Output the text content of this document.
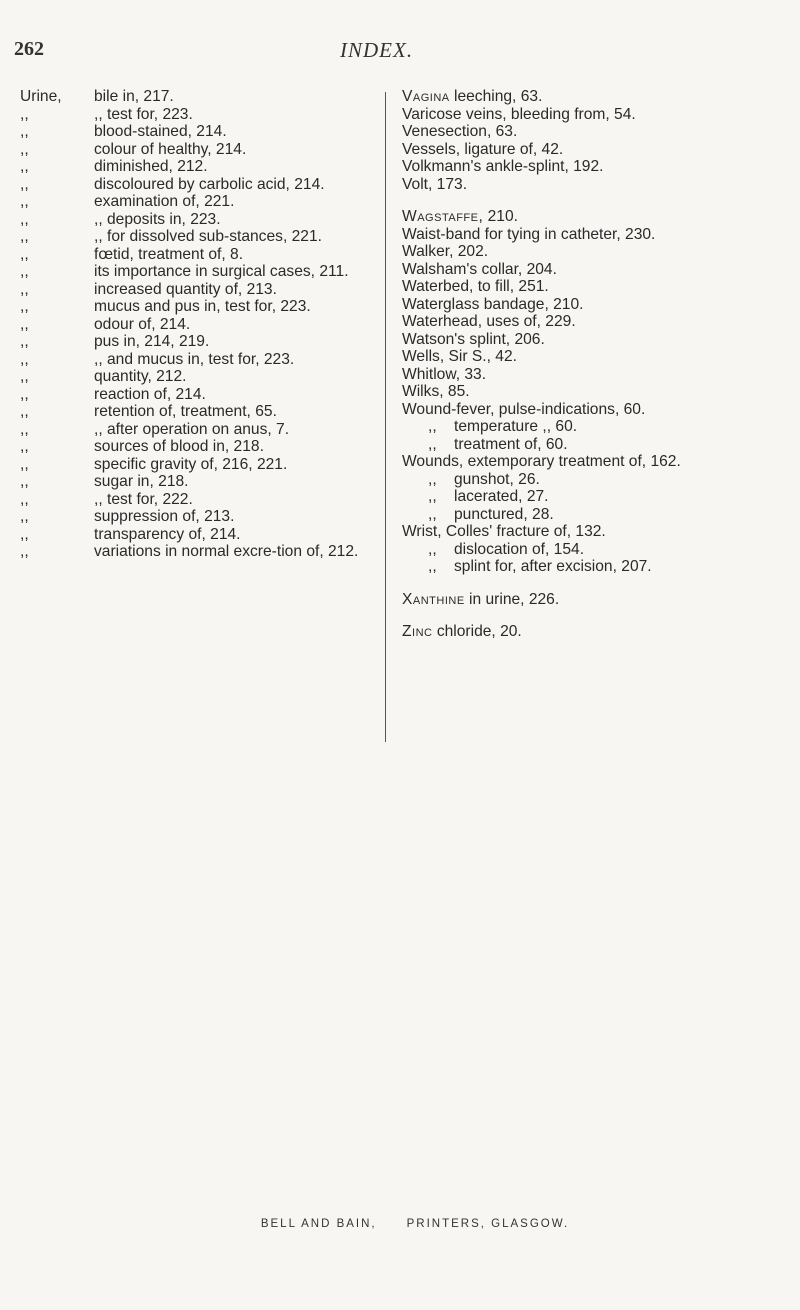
262	INDEX.
Urine,	bile in, 217.
,,	,, test for, 223.
,,	blood-stained, 214.
,,	colour of healthy, 214.
,,	diminished, 212.
,,	discoloured by carbolic acid, 214.
,,	examination of, 221.
,,	,, deposits in, 223.
,,	,, for dissolved sub-stances, 221.
,,	fœtid, treatment of, 8.
,,	its importance in surgical cases, 211.
,,	increased quantity of, 213.
,,	mucus and pus in, test for, 223.
,,	odour of, 214.
,,	pus in, 214, 219.
,,	,, and mucus in, test for, 223.
,,	quantity, 212.
,,	reaction of, 214.
,,	retention of, treatment, 65.
,,	,, after operation on anus, 7.
,,	sources of blood in, 218.
,,	specific gravity of, 216, 221.
,,	sugar in, 218.
,,	,, test for, 222.
,,	suppression of, 213.
,,	transparency of, 214.
,,	variations in normal excre-tion of, 212.
Vagina leeching, 63.
Varicose veins, bleeding from, 54.
Venesection, 63.
Vessels, ligature of, 42.
Volkmann's ankle-splint, 192.
Volt, 173.
Wagstaffe, 210.
Waist-band for tying in catheter, 230.
Walker, 202.
Walsham's collar, 204.
Waterbed, to fill, 251.
Waterglass bandage, 210.
Waterhead, uses of, 229.
Watson's splint, 206.
Wells, Sir S., 42.
Whitlow, 33.
Wilks, 85.
Wound-fever, pulse-indications, 60.
,,	temperature ,, 60.
,,	treatment of, 60.
Wounds, extemporary treatment of, 162.
,,	gunshot, 26.
,,	lacerated, 27.
,,	punctured, 28.
Wrist, Colles' fracture of, 132.
,,	dislocation of, 154.
,,	splint for, after excision, 207.
Xanthine in urine, 226.
Zinc chloride, 20.
BELL AND BAIN,	PRINTERS, GLASGOW.
